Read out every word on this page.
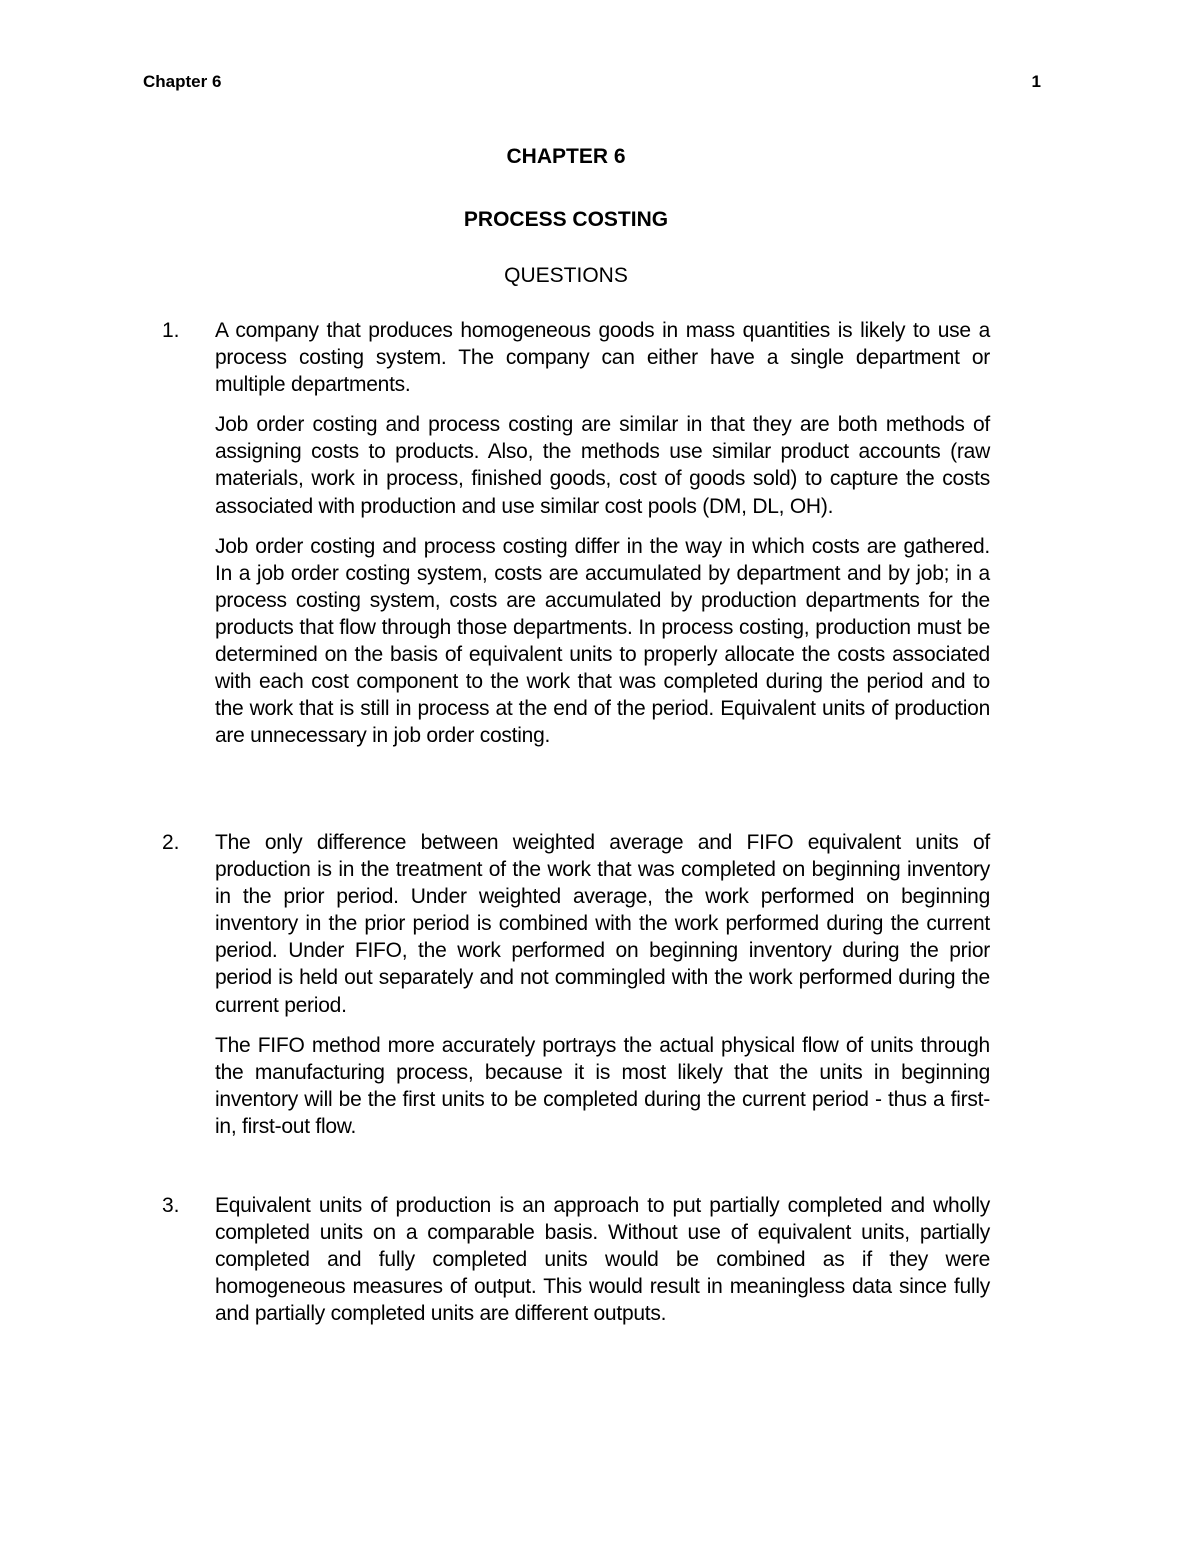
Chapter 6	1
CHAPTER 6
PROCESS COSTING
QUESTIONS
1. A company that produces homogeneous goods in mass quantities is likely to use a process costing system. The company can either have a single department or multiple departments.

Job order costing and process costing are similar in that they are both methods of assigning costs to products. Also, the methods use similar product accounts (raw materials, work in process, finished goods, cost of goods sold) to capture the costs associated with production and use similar cost pools (DM, DL, OH).

Job order costing and process costing differ in the way in which costs are gathered. In a job order costing system, costs are accumulated by department and by job; in a process costing system, costs are accumulated by production departments for the products that flow through those departments. In process costing, production must be determined on the basis of equivalent units to properly allocate the costs associated with each cost component to the work that was completed during the period and to the work that is still in process at the end of the period. Equivalent units of production are unnecessary in job order costing.

2. The only difference between weighted average and FIFO equivalent units of production is in the treatment of the work that was completed on beginning inventory in the prior period. Under weighted average, the work performed on beginning inventory in the prior period is combined with the work performed during the current period. Under FIFO, the work performed on beginning inventory during the prior period is held out separately and not commingled with the work performed during the current period.

The FIFO method more accurately portrays the actual physical flow of units through the manufacturing process, because it is most likely that the units in beginning inventory will be the first units to be completed during the current period - thus a first-in, first-out flow.

3. Equivalent units of production is an approach to put partially completed and wholly completed units on a comparable basis. Without use of equivalent units, partially completed and fully completed units would be combined as if they were homogeneous measures of output. This would result in meaningless data since fully and partially completed units are different outputs.
